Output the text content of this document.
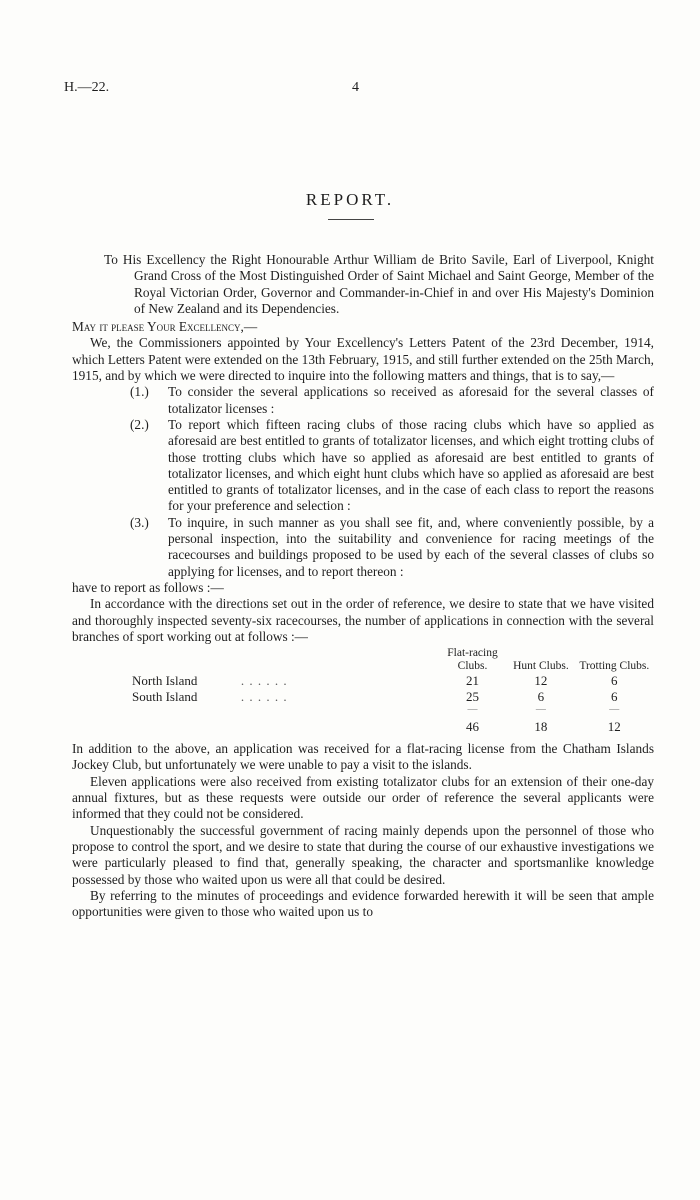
H.—22.	4
REPORT.

To His Excellency the Right Honourable Arthur William de Brito Savile, Earl of Liverpool, Knight Grand Cross of the Most Distinguished Order of Saint Michael and Saint George, Member of the Royal Victorian Order, Governor and Commander-in-Chief in and over His Majesty's Dominion of New Zealand and its Dependencies.

May it please Your Excellency,—

We, the Commissioners appointed by Your Excellency's Letters Patent of the 23rd December, 1914, which Letters Patent were extended on the 13th February, 1915, and still further extended on the 25th March, 1915, and by which we were directed to inquire into the following matters and things, that is to say,—

(1.)	To consider the several applications so received as aforesaid for the several classes of totalizator licenses :
(2.)	To report which fifteen racing clubs of those racing clubs which have so applied as aforesaid are best entitled to grants of totalizator licenses, and which eight trotting clubs of those trotting clubs which have so applied as aforesaid are best entitled to grants of totalizator licenses, and which eight hunt clubs which have so applied as aforesaid are best entitled to grants of totalizator licenses, and in the case of each class to report the reasons for your preference and selection :
(3.)	To inquire, in such manner as you shall see fit, and, where conveniently possible, by a personal inspection, into the suitability and convenience for racing meetings of the racecourses and buildings proposed to be used by each of the several classes of clubs so applying for licenses, and to report thereon :

have to report as follows :—

In accordance with the directions set out in the order of reference, we desire to state that we have visited and thoroughly inspected seventy-six racecourses, the number of applications in connection with the several branches of sport working out at follows :—

		Flat-racing Clubs.	Hunt Clubs.	Trotting Clubs.
North Island	. . . . . .	21	12	6
South Island	. . . . . .	25	6	6
		—	—	—
		46	18	12

In addition to the above, an application was received for a flat-racing license from the Chatham Islands Jockey Club, but unfortunately we were unable to pay a visit to the islands.

Eleven applications were also received from existing totalizator clubs for an extension of their one-day annual fixtures, but as these requests were outside our order of reference the several applicants were informed that they could not be considered.

Unquestionably the successful government of racing mainly depends upon the personnel of those who propose to control the sport, and we desire to state that during the course of our exhaustive investigations we were particularly pleased to find that, generally speaking, the character and sportsmanlike knowledge possessed by those who waited upon us were all that could be desired.

By referring to the minutes of proceedings and evidence forwarded herewith it will be seen that ample opportunities were given to those who waited upon us to
